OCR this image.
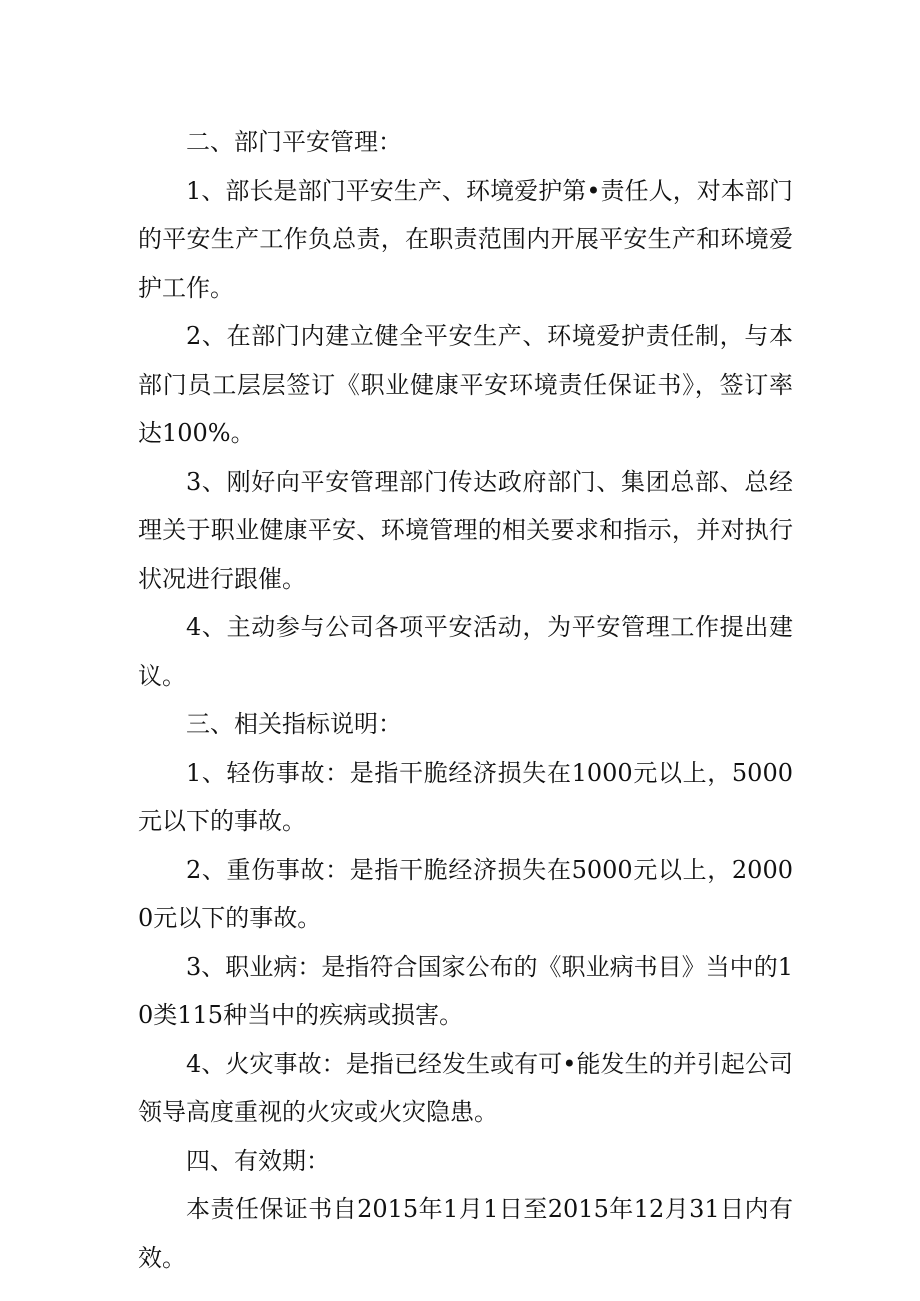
二、部门平安管理：

1、部长是部门平安生产、环境爱护第•责任人，对本部门的平安生产工作负总责，在职责范围内开展平安生产和环境爱护工作。

2、在部门内建立健全平安生产、环境爱护责任制，与本部门员工层层签订《职业健康平安环境责任保证书》，签订率达100%。

3、刚好向平安管理部门传达政府部门、集团总部、总经理关于职业健康平安、环境管理的相关要求和指示，并对执行状况进行跟催。

4、主动参与公司各项平安活动，为平安管理工作提出建议。

三、相关指标说明：

1、轻伤事故：是指干脆经济损失在1000元以上，5000元以下的事故。

2、重伤事故：是指干脆经济损失在5000元以上，20000元以下的事故。

3、职业病：是指符合国家公布的《职业病书目》当中的10类115种当中的疾病或损害。

4、火灾事故：是指已经发生或有可•能发生的并引起公司领导高度重视的火灾或火灾隐患。

四、有效期：

本责任保证书自2015年1月1日至2015年12月31日内有效。
